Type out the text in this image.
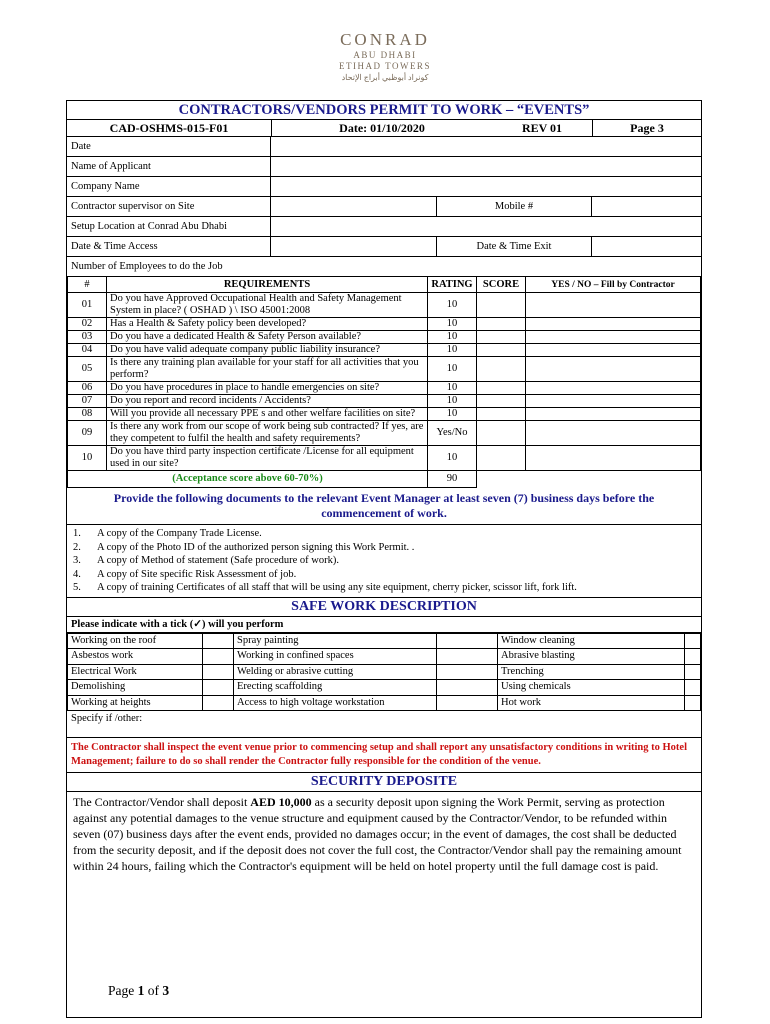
CONRAD
ABU DHABI
ETIHAD TOWERS
كونراد أبوظبي أبراج الإتحاد
CONTRACTORS/VENDORS PERMIT TO WORK – “EVENTS”
CAD-OSHMS-015-F01	Date: 01/10/2020	REV 01	Page 3
Date
Name of Applicant
Company Name
Contractor supervisor on Site	Mobile #
Setup Location at Conrad Abu Dhabi
Date & Time Access	Date & Time Exit
Number of Employees to do the Job
#	REQUIREMENTS	RATING	SCORE	YES / NO – Fill by Contractor
01	Do you have Approved Occupational Health and Safety Management System in place? ( OSHAD ) \ ISO 45001:2008	10		
02	Has a Health & Safety policy been developed?	10		
03	Do you have a dedicated Health & Safety Person available?	10		
04	Do you have valid adequate company public liability insurance?	10		
05	Is there any training plan available for your staff for all activities that you perform?	10		
06	Do you have procedures in place to handle emergencies on site?	10		
07	Do you report and record incidents / Accidents?	10		
08	Will you provide all necessary PPE s and other welfare facilities on site?	10		
09	Is there any work from our scope of work being sub contracted? If yes, are they competent to fulfil the health and safety requirements?	Yes/No		
10	Do you have third party inspection certificate /License for all equipment used in our site?	10		
(Acceptance score above 60-70%)		90		
Provide the following documents to the relevant Event Manager at least seven (7) business days before the commencement of work.
1.	A copy of the Company Trade License.
2.	A copy of the Photo ID of the authorized person signing this Work Permit. .
3.	A copy of Method of statement (Safe procedure of work).
4.	A copy of Site specific Risk Assessment of job.
5.	A copy of training Certificates of all staff that will be using any site equipment, cherry picker, scissor lift, fork lift.
SAFE WORK DESCRIPTION
Please indicate with a tick (✓) will you perform
Working on the roof		Spray painting		Window cleaning	
Asbestos work		Working in confined spaces		Abrasive blasting	
Electrical Work		Welding or abrasive cutting		Trenching	
Demolishing		Erecting scaffolding		Using chemicals	
Working at heights		Access to high voltage workstation		Hot work	
Specify if /other:
The Contractor shall inspect the event venue prior to commencing setup and shall report any unsatisfactory conditions in writing to Hotel Management; failure to do so shall render the Contractor fully responsible for the condition of the venue.
SECURITY DEPOSITE
The Contractor/Vendor shall deposit AED 10,000 as a security deposit upon signing the Work Permit, serving as protection against any potential damages to the venue structure and equipment caused by the Contractor/Vendor, to be refunded within seven (07) business days after the event ends, provided no damages occur; in the event of damages, the cost shall be deducted from the security deposit, and if the deposit does not cover the full cost, the Contractor/Vendor shall pay the remaining amount within 24 hours, failing which the Contractor's equipment will be held on hotel property until the full damage cost is paid.
Page 1 of 3
